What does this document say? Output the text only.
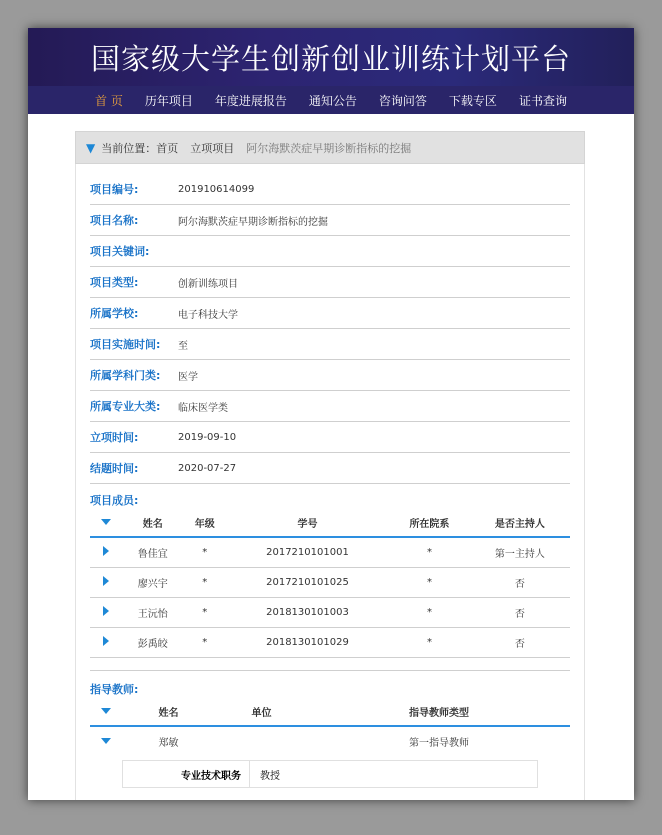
国家级大学生创新创业训练计划平台
首 页	历年项目	年度进展报告	通知公告	咨询问答	下载专区	证书查询
▼ 当前位置： 首页 立项项目 阿尔海默茨症早期诊断指标的挖掘
项目编号:	201910614099
项目名称:	阿尔海默茨症早期诊断指标的挖掘
项目关键词:
项目类型:	创新训练项目
所属学校:	电子科技大学
项目实施时间:	至
所属学科门类:	医学
所属专业大类:	临床医学类
立项时间:	2019-09-10
结题时间:	2020-07-27
项目成员:
	姓名	年级	学号	所在院系	是否主持人
	鲁佳宜	*	2017210101001	*	第一主持人
	廖兴宇	*	2017210101025	*	否
	王沅怡	*	2018130101003	*	否
	彭禹皎	*	2018130101029	*	否
指导教师:
	姓名	单位	指导教师类型
	郑敏		第一指导教师
专业技术职务	教授
